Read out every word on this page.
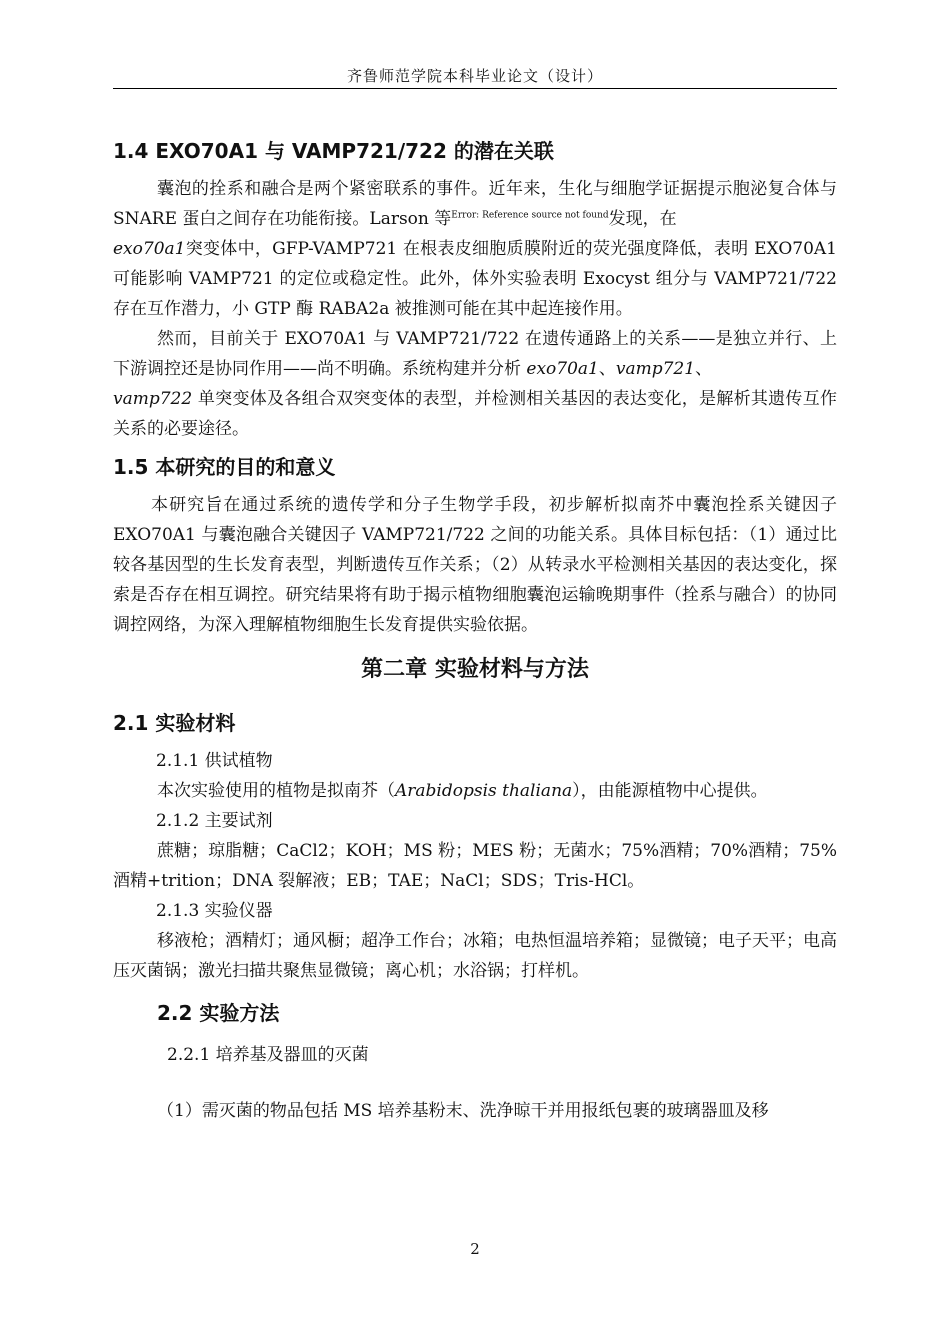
齐鲁师范学院本科毕业论文（设计）
1.4 EXO70A1 与 VAMP721/722 的潜在关联

囊泡的拴系和融合是两个紧密联系的事件。近年来，生化与细胞学证据提示胞泌复合体与 SNARE 蛋白之间存在功能衔接。Larson 等$^{Error: Reference source not found}$发现，在
exo70a1突变体中，GFP-VAMP721 在根表皮细胞质膜附近的荧光强度降低，表明 EXO70A1 可能影响 VAMP721 的定位或稳定性。此外，体外实验表明 Exocyst 组分与 VAMP721/722 存在互作潜力，小 GTP 酶 RABA2a 被推测可能在其中起连接作用。

然而，目前关于 EXO70A1 与 VAMP721/722 在遗传通路上的关系——是独立并行、上下游调控还是协同作用——尚不明确。系统构建并分析 exo70a1、vamp721、
vamp722 单突变体及各组合双突变体的表型，并检测相关基因的表达变化，是解析其遗传互作关系的必要途径。

1.5 本研究的目的和意义

本研究旨在通过系统的遗传学和分子生物学手段，初步解析拟南芥中囊泡拴系关键因子 EXO70A1 与囊泡融合关键因子 VAMP721/722 之间的功能关系。具体目标包括：（1）通过比较各基因型的生长发育表型，判断遗传互作关系；（2）从转录水平检测相关基因的表达变化，探索是否存在相互调控。研究结果将有助于揭示植物细胞囊泡运输晚期事件（拴系与融合）的协同调控网络，为深入理解植物细胞生长发育提供实验依据。

第二章 实验材料与方法
2.1 实验材料
2.1.1 供试植物

本次实验使用的植物是拟南芥（Arabidopsis thaliana），由能源植物中心提供。

2.1.2 主要试剂

蔗糖；琼脂糖；CaCl2；KOH；MS 粉；MES 粉；无菌水；75%酒精；70%酒精；75%酒精+trition；DNA 裂解液；EB；TAE；NaCl；SDS；Tris-HCl。

2.1.3 实验仪器

移液枪；酒精灯；通风橱；超净工作台；冰箱；电热恒温培养箱；显微镜；电子天平；电高压灭菌锅；激光扫描共聚焦显微镜；离心机；水浴锅；打样机。

2.2 实验方法
2.2.1 培养基及器皿的灭菌

（1）需灭菌的物品包括 MS 培养基粉末、洗净晾干并用报纸包裹的玻璃器皿及移

2
